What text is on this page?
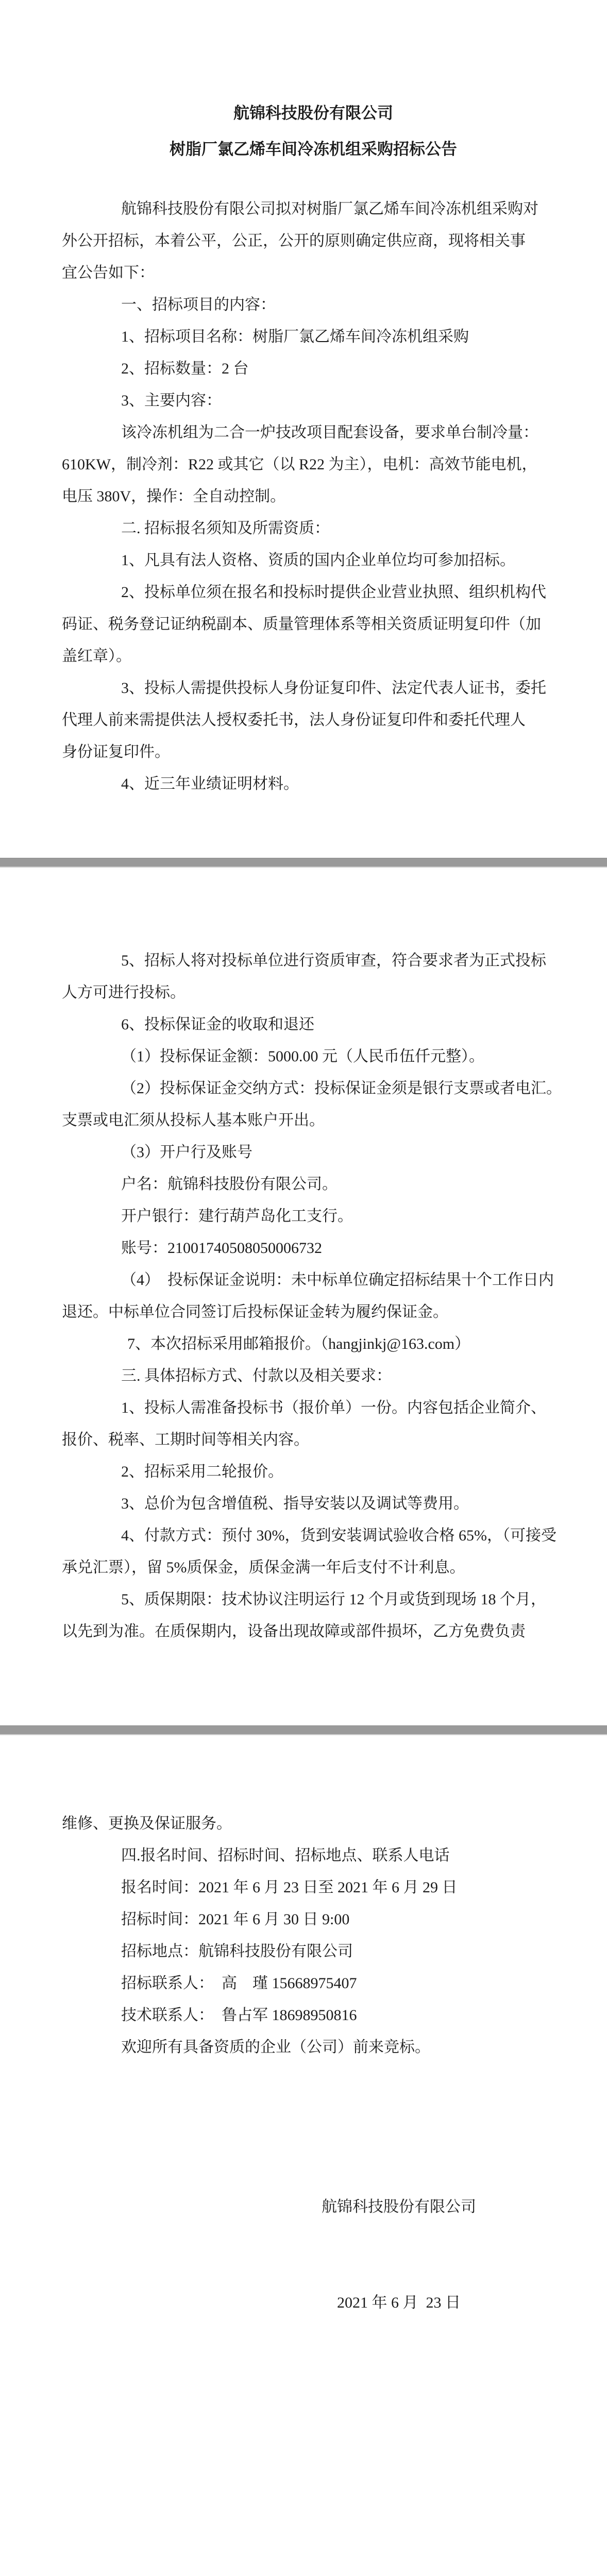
航锦科技股份有限公司
树脂厂氯乙烯车间冷冻机组采购招标公告

航锦科技股份有限公司拟对树脂厂氯乙烯车间冷冻机组采购对

外公开招标，本着公平，公正，公开的原则确定供应商，现将相关事

宜公告如下：

一、招标项目的内容：

1、招标项目名称：树脂厂氯乙烯车间冷冻机组采购

2、招标数量：2 台

3、主要内容：

该冷冻机组为二合一炉技改项目配套设备，要求单台制冷量：

610KW，制冷剂：R22 或其它（以 R22 为主），电机：高效节能电机，

电压 380V，操作：全自动控制。

二. 招标报名须知及所需资质：

1、凡具有法人资格、资质的国内企业单位均可参加招标。

2、投标单位须在报名和投标时提供企业营业执照、组织机构代

码证、税务登记证纳税副本、质量管理体系等相关资质证明复印件（加

盖红章）。

3、投标人需提供投标人身份证复印件、法定代表人证书，委托

代理人前来需提供法人授权委托书，法人身份证复印件和委托代理人

身份证复印件。

4、近三年业绩证明材料。

5、招标人将对投标单位进行资质审查，符合要求者为正式投标

人方可进行投标。

6、投标保证金的收取和退还

（1）投标保证金额：5000.00 元（人民币伍仟元整）。

（2）投标保证金交纳方式：投标保证金须是银行支票或者电汇。

支票或电汇须从投标人基本账户开出。

（3）开户行及账号

户名：航锦科技股份有限公司。

开户银行：建行葫芦岛化工支行。

账号：21001740508050006732

（4）　投标保证金说明：未中标单位确定招标结果十个工作日内

退还。中标单位合同签订后投标保证金转为履约保证金。

7、本次招标采用邮箱报价。（hangjinkj@163.com）

三. 具体招标方式、付款以及相关要求：

1、投标人需准备投标书（报价单）一份。内容包括企业简介、

报价、税率、工期时间等相关内容。

2、招标采用二轮报价。

3、总价为包含增值税、指导安装以及调试等费用。

4、付款方式：预付 30%，货到安装调试验收合格 65%，（可接受

承兑汇票），留 5%质保金，质保金满一年后支付不计利息。

5、质保期限：技术协议注明运行 12 个月或货到现场 18 个月，

以先到为准。在质保期内，设备出现故障或部件损坏，乙方免费负责

维修、更换及保证服务。

四.报名时间、招标时间、招标地点、联系人电话

报名时间：2021 年 6 月 23 日至 2021 年 6 月 29 日

招标时间：2021 年 6 月 30 日 9:00

招标地点：航锦科技股份有限公司

招标联系人：　高　瑾 15668975407

技术联系人：　鲁占军 18698950816

欢迎所有具备资质的企业（公司）前来竞标。

航锦科技股份有限公司

2021 年 6 月  23 日
